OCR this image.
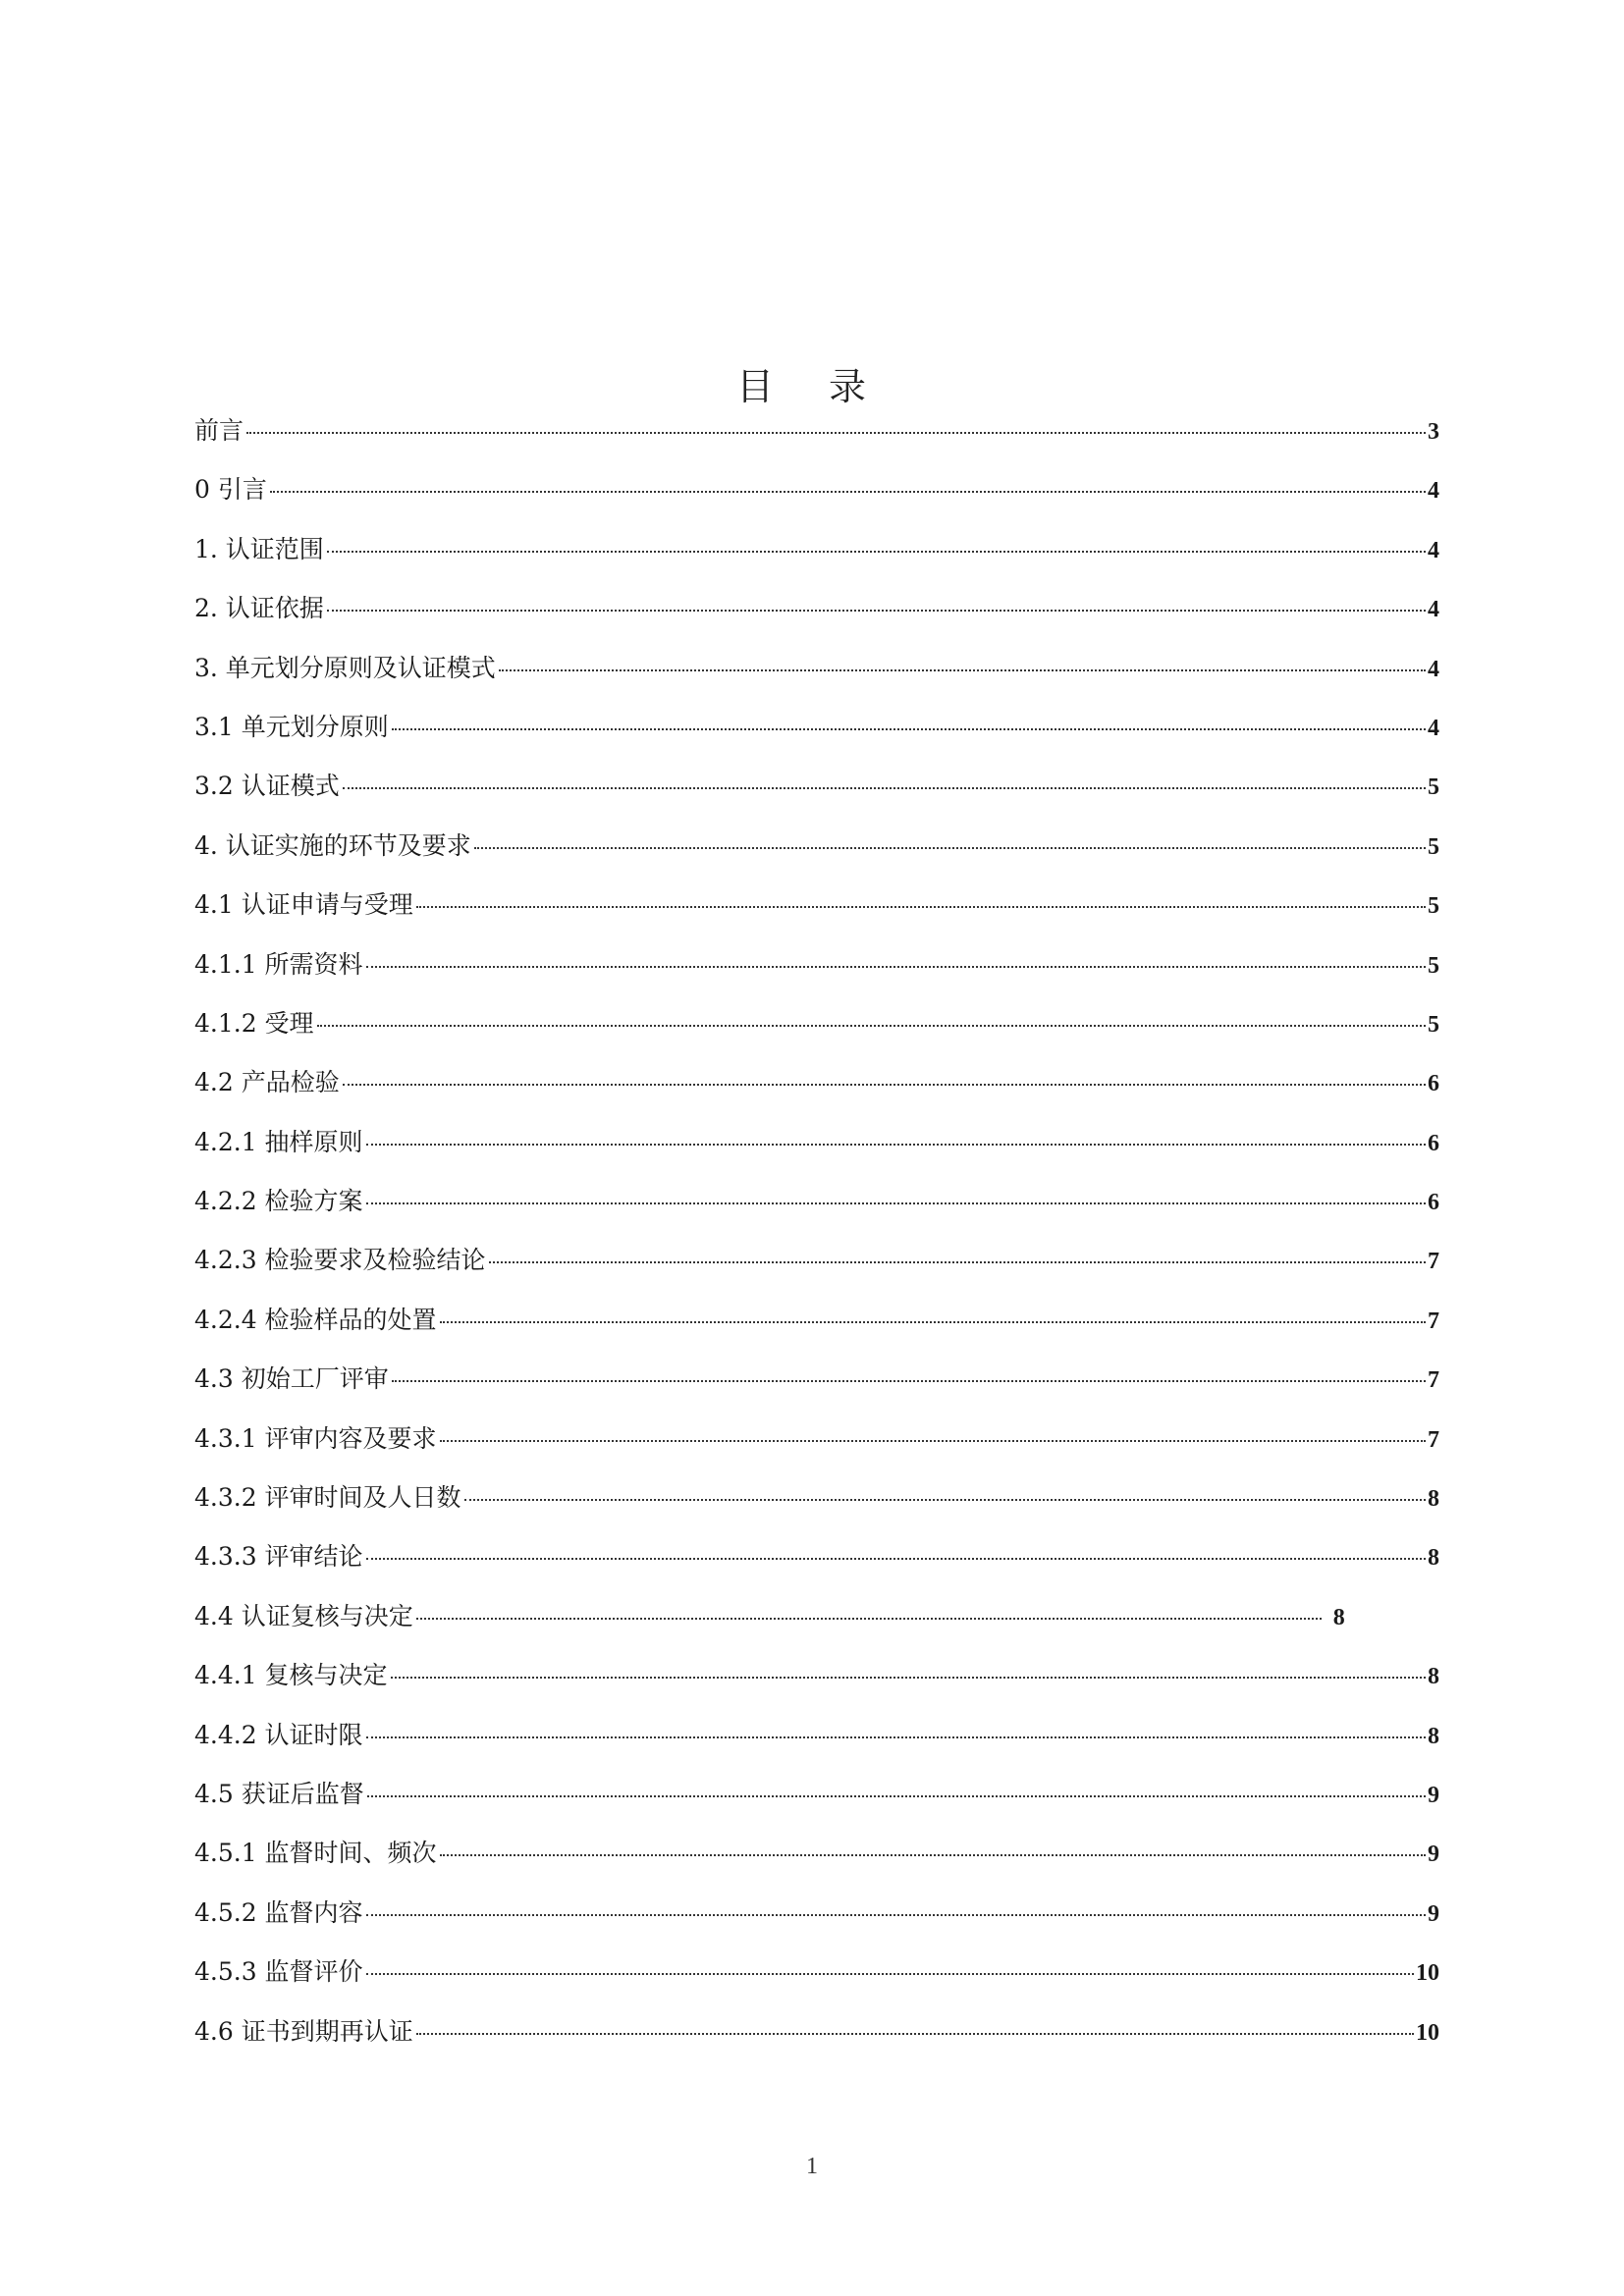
目 录
前言	3
0 引言	4
1. 认证范围	4
2. 认证依据	4
3. 单元划分原则及认证模式	4
3.1 单元划分原则	4
3.2 认证模式	5
4. 认证实施的环节及要求	5
4.1 认证申请与受理	5
4.1.1 所需资料	5
4.1.2 受理	5
4.2 产品检验	6
4.2.1 抽样原则	6
4.2.2 检验方案	6
4.2.3 检验要求及检验结论	7
4.2.4 检验样品的处置	7
4.3 初始工厂评审	7
4.3.1 评审内容及要求	7
4.3.2 评审时间及人日数	8
4.3.3 评审结论	8
4.4 认证复核与决定	8
4.4.1 复核与决定	8
4.4.2 认证时限	8
4.5 获证后监督	9
4.5.1 监督时间、频次	9
4.5.2 监督内容	9
4.5.3 监督评价	10
4.6 证书到期再认证	10
1
